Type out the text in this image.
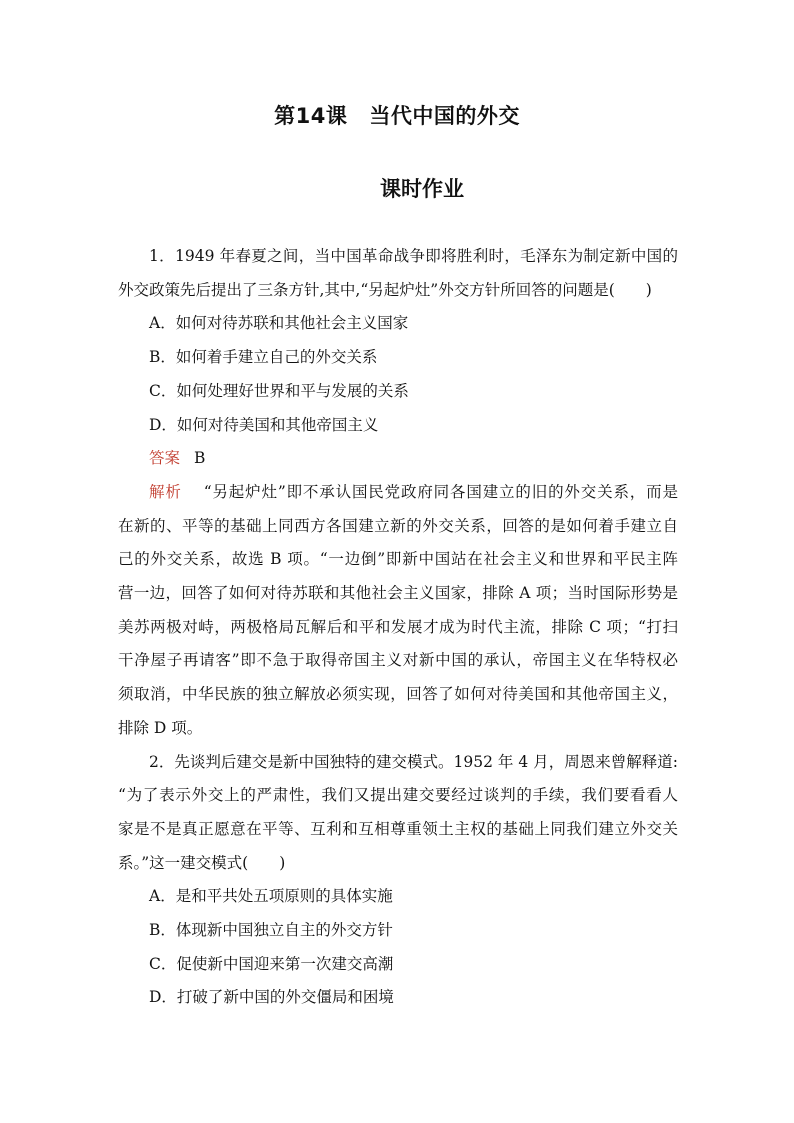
第14课 当代中国的外交
课时作业
1．1949 年春夏之间，当中国革命战争即将胜利时，毛泽东为制定新中国的
外交政策先后提出了三条方针,其中,“另起炉灶”外交方针所回答的问题是(　　)

A．如何对待苏联和其他社会主义国家

B．如何着手建立自己的外交关系

C．如何处理好世界和平与发展的关系

D．如何对待美国和其他帝国主义

答案 B

解析 “另起炉灶”即不承认国民党政府同各国建立的旧的外交关系，而是
在新的、平等的基础上同西方各国建立新的外交关系，回答的是如何着手建立自
己的外交关系，故选 B 项。“一边倒”即新中国站在社会主义和世界和平民主阵
营一边，回答了如何对待苏联和其他社会主义国家，排除 A 项；当时国际形势是
美苏两极对峙，两极格局瓦解后和平和发展才成为时代主流，排除 C 项；“打扫
干净屋子再请客”即不急于取得帝国主义对新中国的承认，帝国主义在华特权必
须取消，中华民族的独立解放必须实现，回答了如何对待美国和其他帝国主义，
排除 D 项。
2．先谈判后建交是新中国独特的建交模式。1952 年 4 月，周恩来曾解释道:
“为了表示外交上的严肃性，我们又提出建交要经过谈判的手续，我们要看看人
家是不是真正愿意在平等、互利和互相尊重领土主权的基础上同我们建立外交关
系。”这一建交模式(　　)

A．是和平共处五项原则的具体实施

B．体现新中国独立自主的外交方针

C．促使新中国迎来第一次建交高潮

D．打破了新中国的外交僵局和困境
